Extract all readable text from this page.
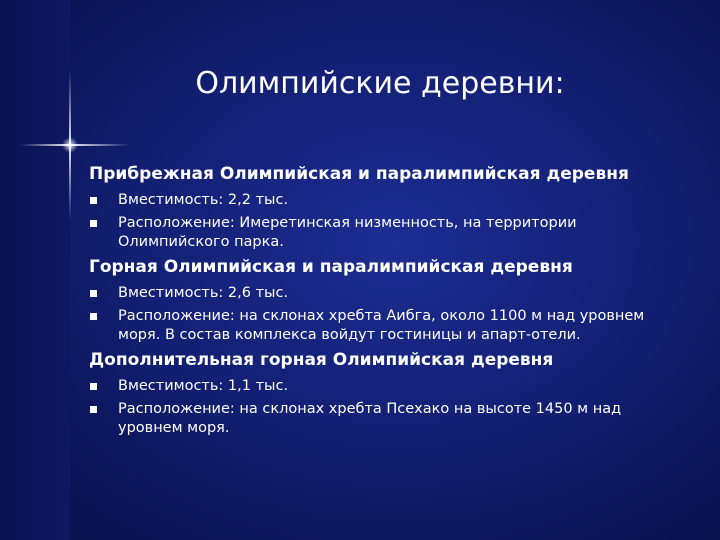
Олимпийские деревни:
Прибрежная Олимпийская и паралимпийская деревня
Вместимость: 2,2 тыс.
Расположение: Имеретинская низменность, на территории Олимпийского парка.
Горная Олимпийская и паралимпийская деревня
Вместимость: 2,6 тыс.
Расположение: на склонах хребта Аибга, около 1100 м над уровнем моря. В состав комплекса войдут гостиницы и апарт-отели.
Дополнительная горная Олимпийская деревня
Вместимость: 1,1 тыс.
Расположение: на склонах хребта Псехако на высоте 1450 м над уровнем моря.
